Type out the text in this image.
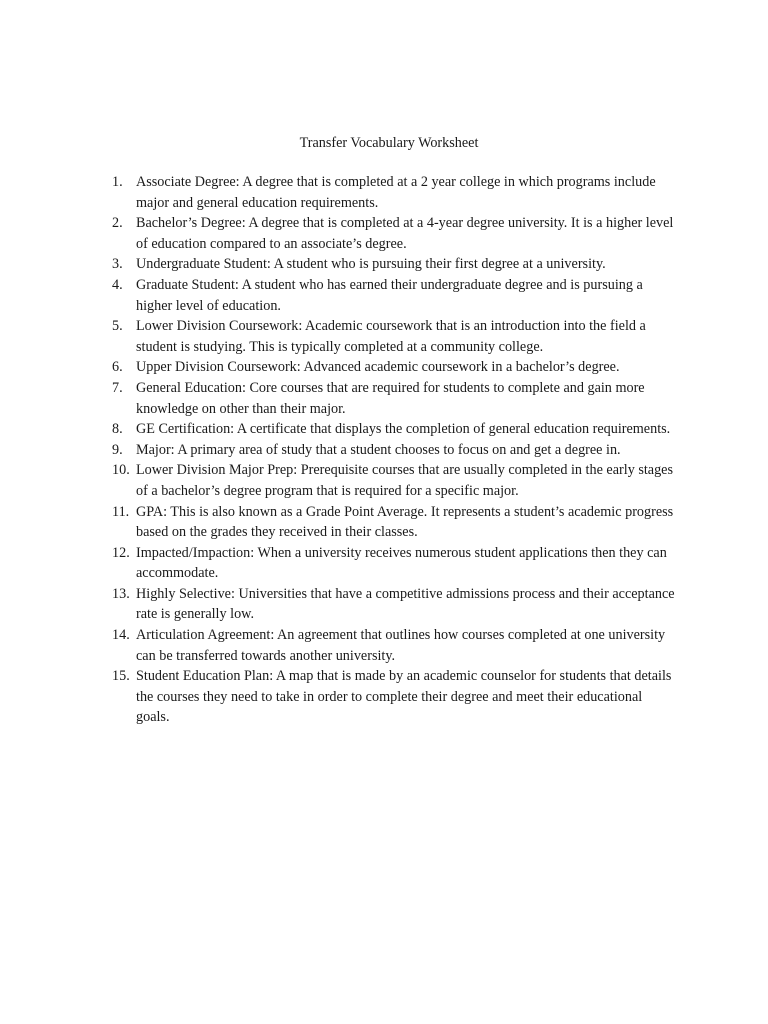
Transfer Vocabulary Worksheet
1. Associate Degree: A degree that is completed at a 2 year college in which programs include major and general education requirements.
2. Bachelor’s Degree: A degree that is completed at a 4-year degree university. It is a higher level of education compared to an associate’s degree.
3. Undergraduate Student: A student who is pursuing their first degree at a university.
4. Graduate Student: A student who has earned their undergraduate degree and is pursuing a higher level of education.
5. Lower Division Coursework: Academic coursework that is an introduction into the field a student is studying. This is typically completed at a community college.
6. Upper Division Coursework: Advanced academic coursework in a bachelor’s degree.
7. General Education: Core courses that are required for students to complete and gain more knowledge on other than their major.
8. GE Certification: A certificate that displays the completion of general education requirements.
9. Major: A primary area of study that a student chooses to focus on and get a degree in.
10. Lower Division Major Prep: Prerequisite courses that are usually completed in the early stages of a bachelor’s degree program that is required for a specific major.
11. GPA: This is also known as a Grade Point Average. It represents a student’s academic progress based on the grades they received in their classes.
12. Impacted/Impaction: When a university receives numerous student applications then they can accommodate.
13. Highly Selective: Universities that have a competitive admissions process and their acceptance rate is generally low.
14. Articulation Agreement: An agreement that outlines how courses completed at one university can be transferred towards another university.
15. Student Education Plan: A map that is made by an academic counselor for students that details the courses they need to take in order to complete their degree and meet their educational goals.
